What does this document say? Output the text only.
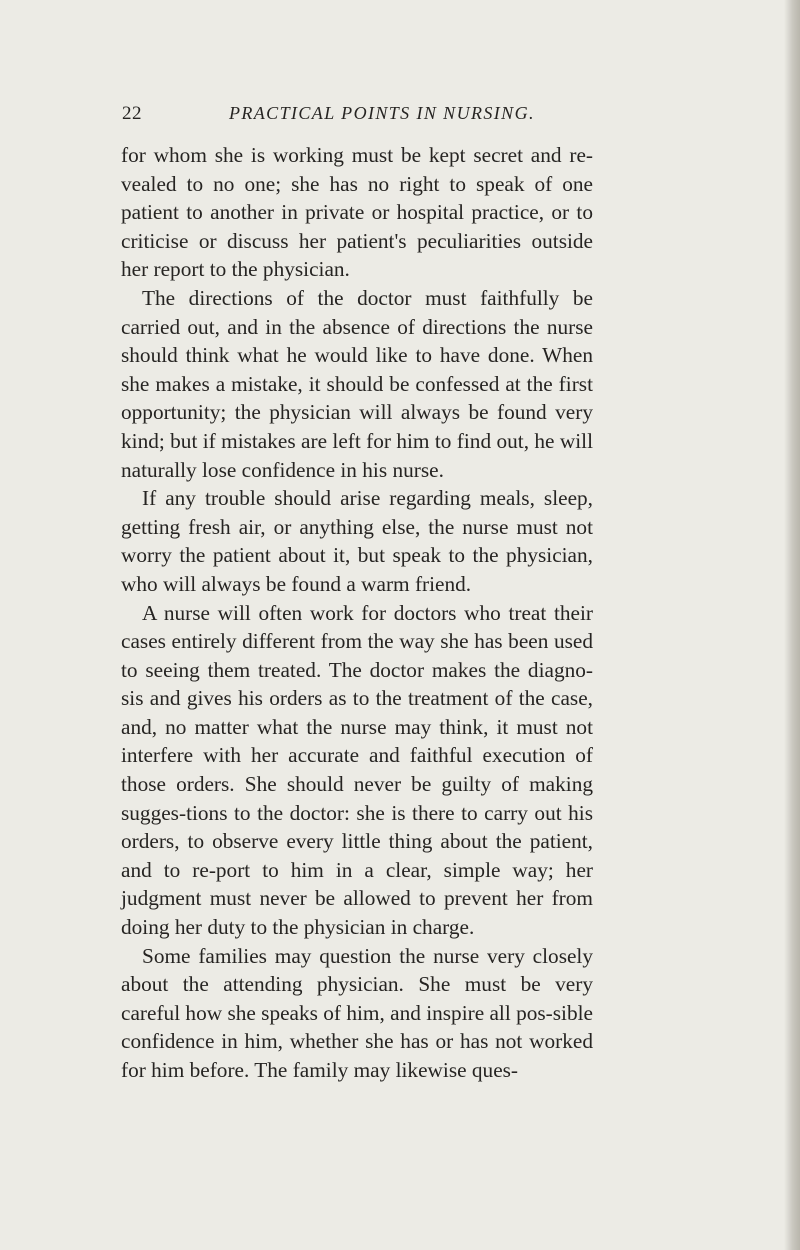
22	PRACTICAL POINTS IN NURSING.

for whom she is working must be kept secret and re-vealed to no one; she has no right to speak of one patient to another in private or hospital practice, or to criticise or discuss her patient's peculiarities outside her report to the physician.

The directions of the doctor must faithfully be carried out, and in the absence of directions the nurse should think what he would like to have done. When she makes a mistake, it should be confessed at the first opportunity; the physician will always be found very kind; but if mistakes are left for him to find out, he will naturally lose confidence in his nurse.

If any trouble should arise regarding meals, sleep, getting fresh air, or anything else, the nurse must not worry the patient about it, but speak to the physician, who will always be found a warm friend.

A nurse will often work for doctors who treat their cases entirely different from the way she has been used to seeing them treated. The doctor makes the diagno-sis and gives his orders as to the treatment of the case, and, no matter what the nurse may think, it must not interfere with her accurate and faithful execution of those orders. She should never be guilty of making sugges-tions to the doctor: she is there to carry out his orders, to observe every little thing about the patient, and to re-port to him in a clear, simple way; her judgment must never be allowed to prevent her from doing her duty to the physician in charge.

Some families may question the nurse very closely about the attending physician. She must be very careful how she speaks of him, and inspire all pos-sible confidence in him, whether she has or has not worked for him before. The family may likewise ques-
